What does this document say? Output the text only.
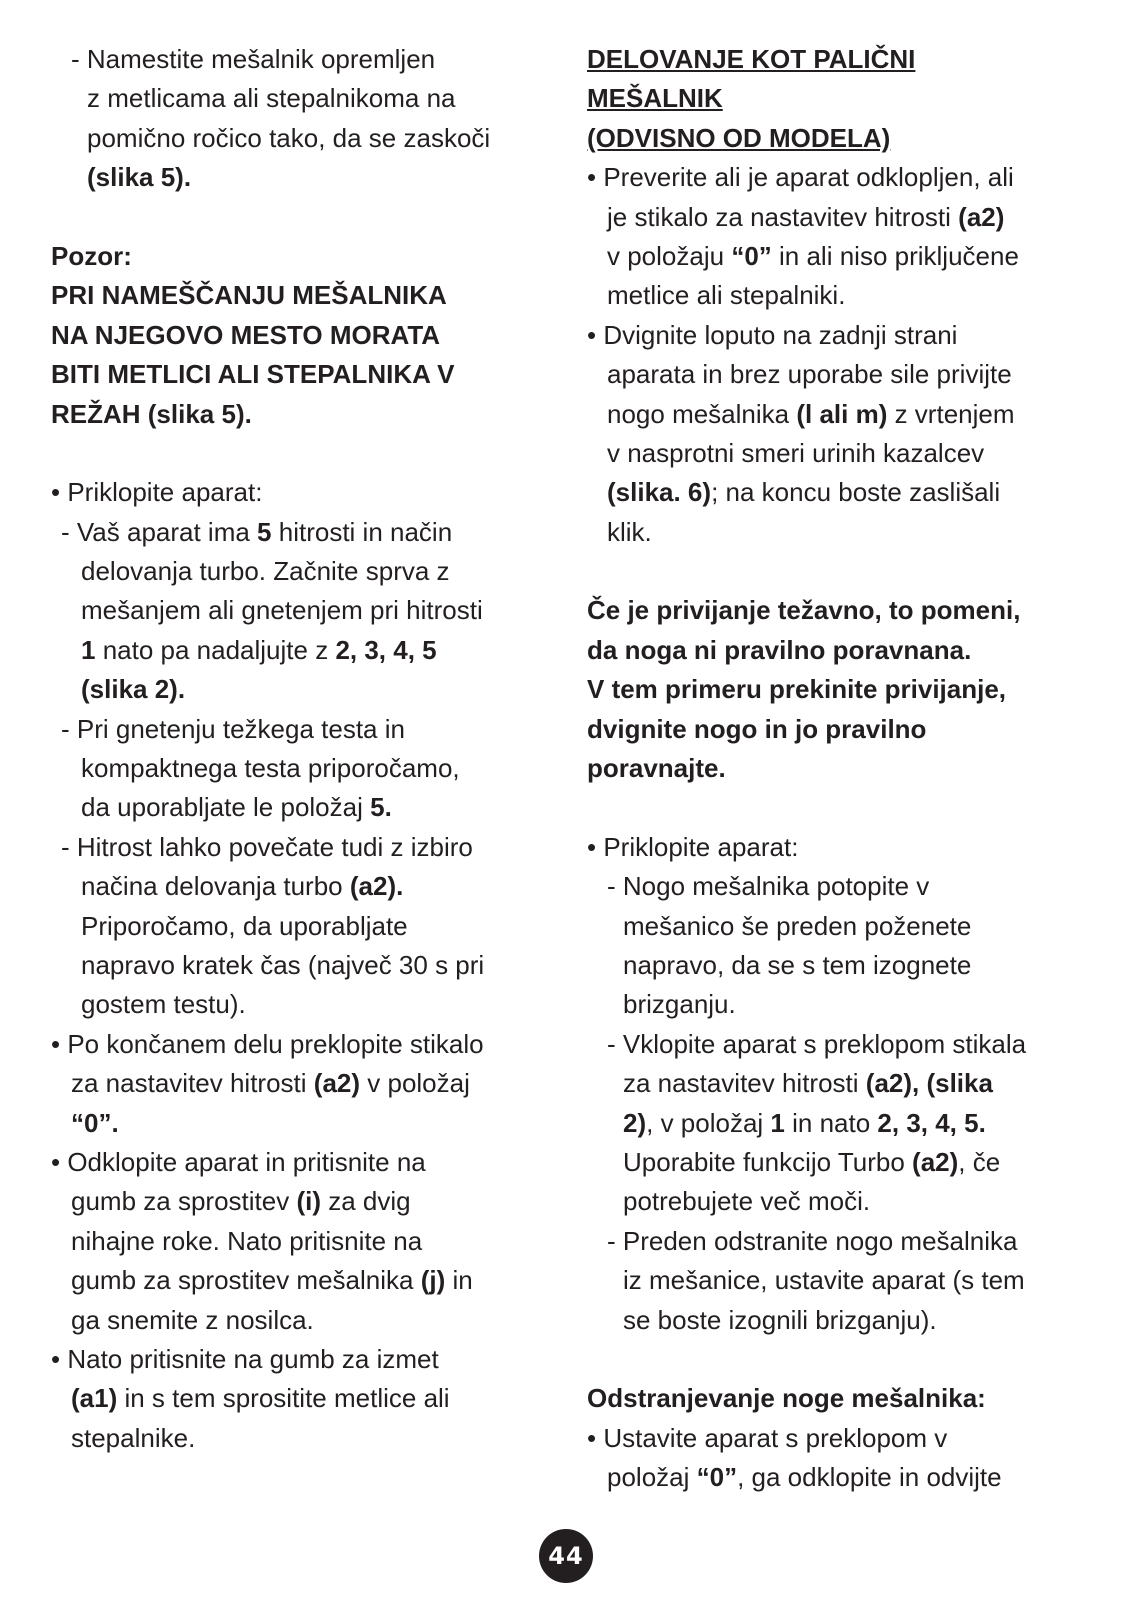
- Namestite mešalnik opremljen
z metlicama ali stepalnikoma na
pomično ročico tako, da se zaskoči
(slika 5).
Pozor:
PRI NAMEŠČANJU MEŠALNIKA
NA NJEGOVO MESTO MORATA
BITI METLICI ALI STEPALNIKA V
REŽAH (slika 5).
• Priklopite aparat:
- Vaš aparat ima 5 hitrosti in način
delovanja turbo. Začnite sprva z
mešanjem ali gnetenjem pri hitrosti
1 nato pa nadaljujte z 2, 3, 4, 5
(slika 2).
- Pri gnetenju težkega testa in
kompaktnega testa priporočamo,
da uporabljate le položaj 5.
- Hitrost lahko povečate tudi z izbiro
načina delovanja turbo (a2).
Priporočamo, da uporabljate
napravo kratek čas (največ 30 s pri
gostem testu).
• Po končanem delu preklopite stikalo
za nastavitev hitrosti (a2) v položaj
“0”.
• Odklopite aparat in pritisnite na
gumb za sprostitev (i) za dvig
nihajne roke. Nato pritisnite na
gumb za sprostitev mešalnika (j) in
ga snemite z nosilca.
• Nato pritisnite na gumb za izmet
(a1) in s tem sprositite metlice ali
stepalnike.
DELOVANJE KOT PALIČNI
MEŠALNIK
(ODVISNO OD MODELA)
• Preverite ali je aparat odklopljen, ali
je stikalo za nastavitev hitrosti (a2)
v položaju “0” in ali niso priključene
metlice ali stepalniki.
• Dvignite loputo na zadnji strani
aparata in brez uporabe sile privijte
nogo mešalnika (l ali m) z vrtenjem
v nasprotni smeri urinih kazalcev
(slika. 6); na koncu boste zaslišali
klik.
Če je privijanje težavno, to pomeni,
da noga ni pravilno poravnana.
V tem primeru prekinite privijanje,
dvignite nogo in jo pravilno
poravnajte.
• Priklopite aparat:
- Nogo mešalnika potopite v
mešanico še preden poženete
napravo, da se s tem izognete
brizganju.
- Vklopite aparat s preklopom stikala
za nastavitev hitrosti (a2), (slika
2), v položaj 1 in nato 2, 3, 4, 5.
Uporabite funkcijo Turbo (a2), če
potrebujete več moči.
- Preden odstranite nogo mešalnika
iz mešanice, ustavite aparat (s tem
se boste izognili brizganju).
Odstranjevanje noge mešalnika:
• Ustavite aparat s preklopom v
položaj “0”, ga odklopite in odvijte
44
